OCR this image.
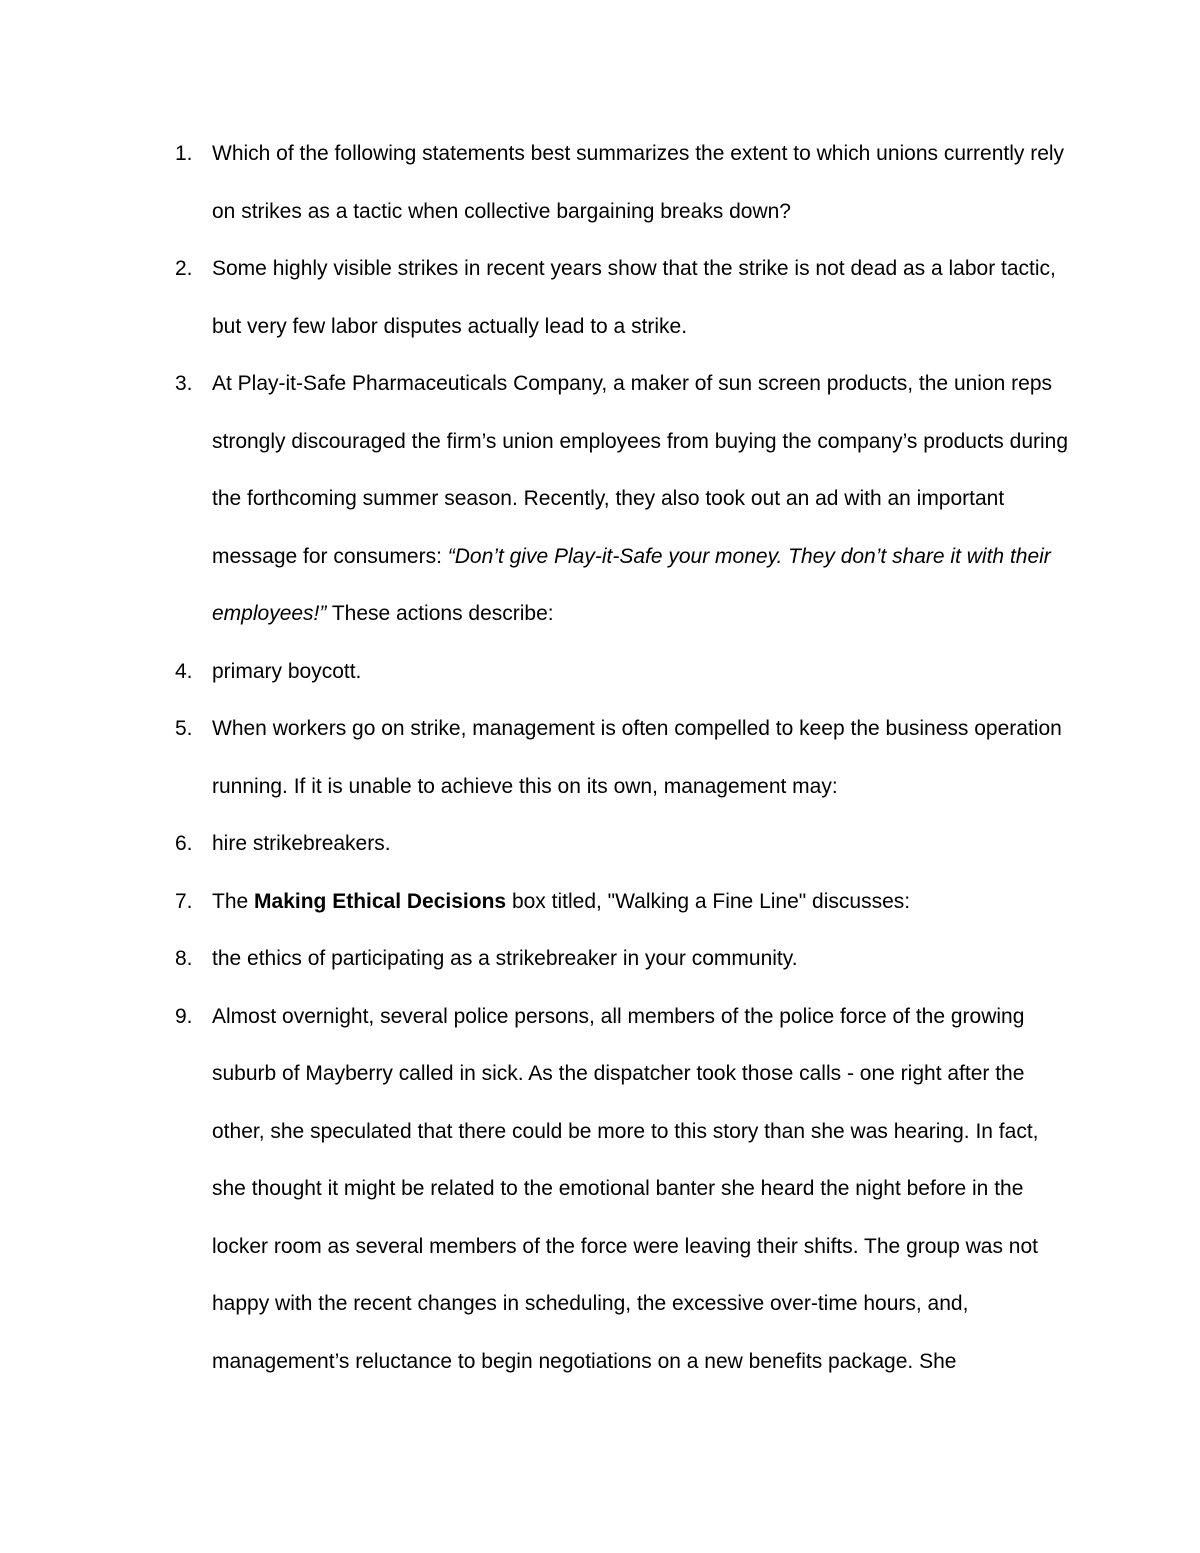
1. Which of the following statements best summarizes the extent to which unions currently rely on strikes as a tactic when collective bargaining breaks down?
2. Some highly visible strikes in recent years show that the strike is not dead as a labor tactic, but very few labor disputes actually lead to a strike.
3. At Play-it-Safe Pharmaceuticals Company, a maker of sun screen products, the union reps strongly discouraged the firm’s union employees from buying the company’s products during the forthcoming summer season. Recently, they also took out an ad with an important message for consumers: “Don’t give Play-it-Safe your money. They don’t share it with their employees!” These actions describe:
4. primary boycott.
5. When workers go on strike, management is often compelled to keep the business operation running. If it is unable to achieve this on its own, management may:
6. hire strikebreakers.
7. The Making Ethical Decisions box titled, "Walking a Fine Line" discusses:
8. the ethics of participating as a strikebreaker in your community.
9. Almost overnight, several police persons, all members of the police force of the growing suburb of Mayberry called in sick. As the dispatcher took those calls - one right after the other, she speculated that there could be more to this story than she was hearing. In fact, she thought it might be related to the emotional banter she heard the night before in the locker room as several members of the force were leaving their shifts. The group was not happy with the recent changes in scheduling, the excessive over-time hours, and, management’s reluctance to begin negotiations on a new benefits package. She
